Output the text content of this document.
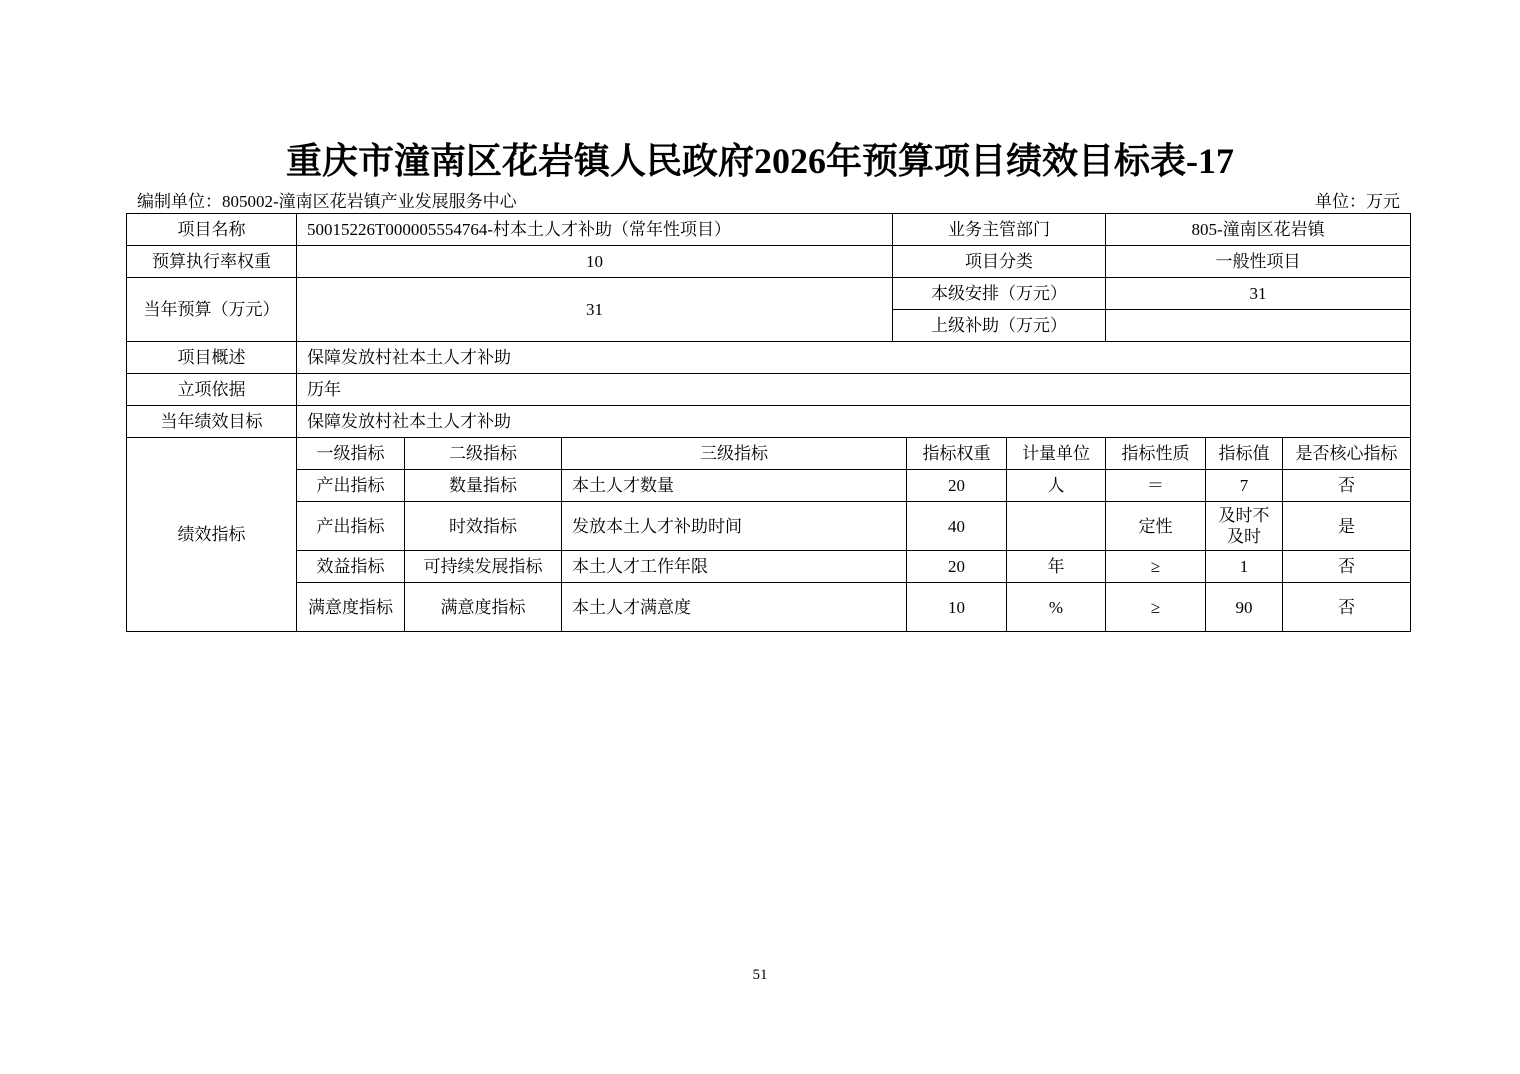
重庆市潼南区花岩镇人民政府2026年预算项目绩效目标表-17
编制单位：805002-潼南区花岩镇产业发展服务中心	单位：万元
项目名称	50015226T000005554764-村本土人才补助（常年性项目）			业务主管部门			805-潼南区花岩镇		
预算执行率权重	10			项目分类			一般性项目		
当年预算（万元）	31			本级安排（万元）			31		
				上级补助（万元）					
项目概述	保障发放村社本土人才补助								
立项依据	历年								
当年绩效目标	保障发放村社本土人才补助								
绩效指标	一级指标	二级指标	三级指标		指标权重	计量单位	指标性质	指标值	是否核心指标
	产出指标	数量指标	本土人才数量		20	人	＝	7	否
	产出指标	时效指标	发放本土人才补助时间		40		定性	及时不及时	是
	效益指标	可持续发展指标	本土人才工作年限		20	年	≥	1	否
	满意度指标	满意度指标	本土人才满意度		10	%	≥	90	否
51
